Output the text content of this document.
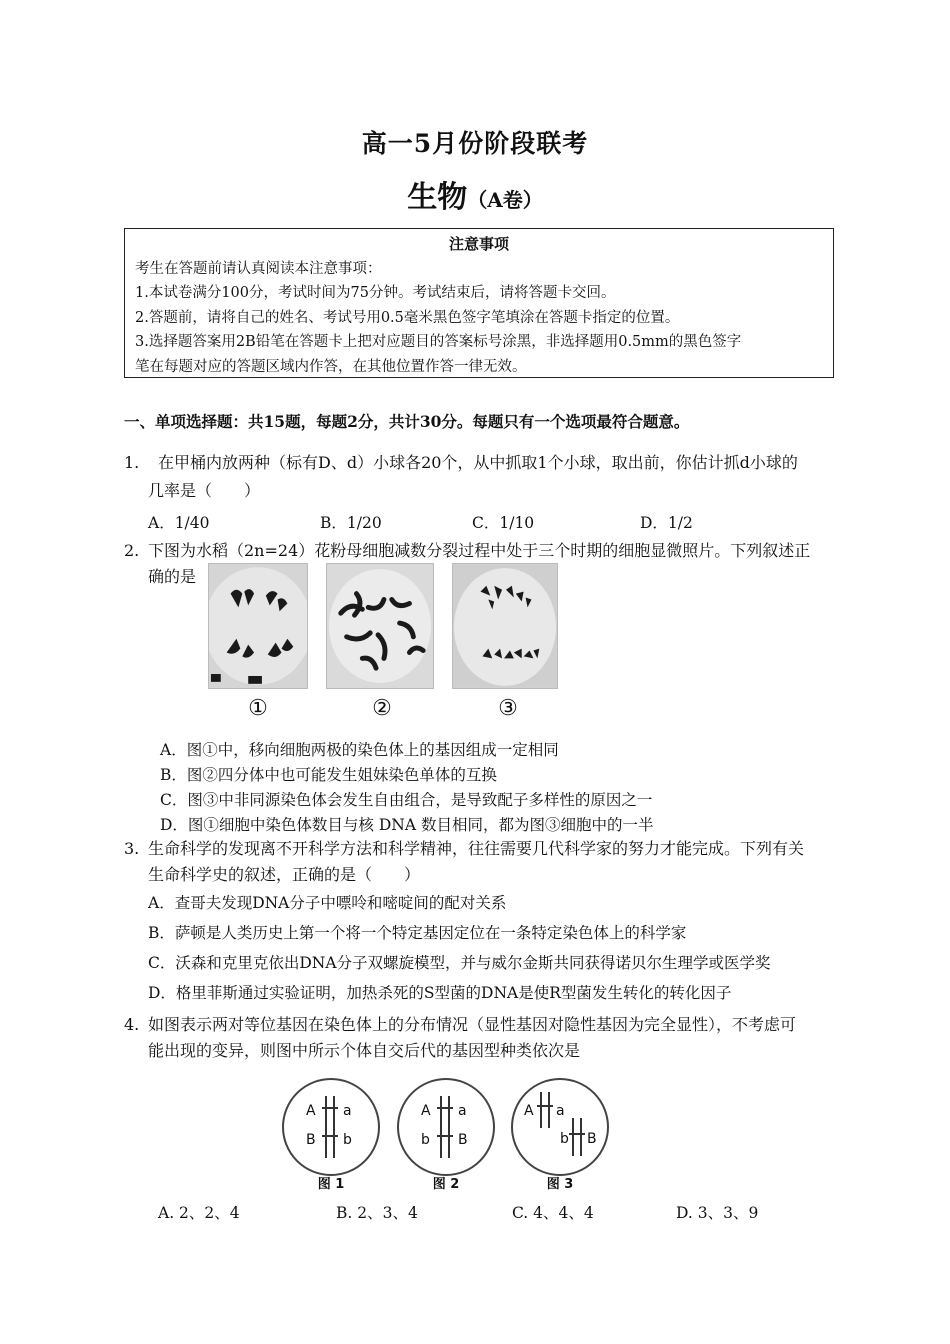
高一5月份阶段联考
生物（A卷）
注意事项
考生在答题前请认真阅读本注意事项：
1.本试卷满分100分，考试时间为75分钟。考试结束后，请将答题卡交回。
2.答题前，请将自己的姓名、考试号用0.5毫米黑色签字笔填涂在答题卡指定的位置。
3.选择题答案用2B铅笔在答题卡上把对应题目的答案标号涂黑，非选择题用0.5mm的黑色签字
笔在每题对应的答题区域内作答，在其他位置作答一律无效。
一、单项选择题：共15题，每题2分，共计30分。每题只有一个选项最符合题意。
1. 在甲桶内放两种（标有D、d）小球各20个，从中抓取1个小球，取出前，你估计抓d小球的
几率是（　　）
A．1/40	B．1/20	C．1/10	D．1/2
2. 下图为水稻（2n=24）花粉母细胞减数分裂过程中处于三个时期的细胞显微照片。下列叙述正
确的是
①	②	③
A．图①中，移向细胞两极的染色体上的基因组成一定相同
B．图②四分体中也可能发生姐妹染色单体的互换
C．图③中非同源染色体会发生自由组合，是导致配子多样性的原因之一
D．图①细胞中染色体数目与核 DNA 数目相同，都为图③细胞中的一半
3. 生命科学的发现离不开科学方法和科学精神，往往需要几代科学家的努力才能完成。下列有关
生命科学史的叙述，正确的是（　　）
A．查哥夫发现DNA分子中嘌呤和嘧啶间的配对关系
B．萨顿是人类历史上第一个将一个特定基因定位在一条特定染色体上的科学家
C．沃森和克里克依出DNA分子双螺旋模型，并与威尔金斯共同获得诺贝尔生理学或医学奖
D．格里菲斯通过实验证明，加热杀死的S型菌的DNA是使R型菌发生转化的转化因子
4. 如图表示两对等位基因在染色体上的分布情况（显性基因对隐性基因为完全显性），不考虑可
能出现的变异，则图中所示个体自交后代的基因型种类依次是
A a
B b
图 1
A a
b B
图 2
A a
b B
图 3
A. 2、2、4	B. 2、3、4	C. 4、4、4	D. 3、3、9
